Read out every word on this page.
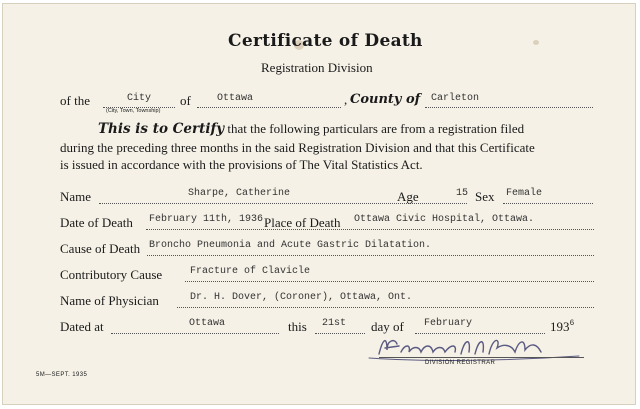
Certificate of Death
Registration Division
of the	City
(City, Town, Township)
of	Ottawa	, County of Carleton
This is to Certify that the following particulars are from a registration filed
during the preceding three months in the said Registration Division and that this Certificate
is issued in accordance with the provisions of The Vital Statistics Act.
Name	Sharpe, Catherine	Age	15 Sex Female
Date of Death February 11th, 1936 Place of Death Ottawa Civic Hospital, Ottawa.
Cause of Death Broncho Pneumonia and Acute Gastric Dilatation.
Contributory Cause	Fracture of Clavicle
Name of Physician	Dr. H. Dover, (Coroner), Ottawa, Ont.
Dated at	Ottawa	this 21st day of February	$193^6$
DIVISION REGISTRAR
5M—SEPT. 1935
